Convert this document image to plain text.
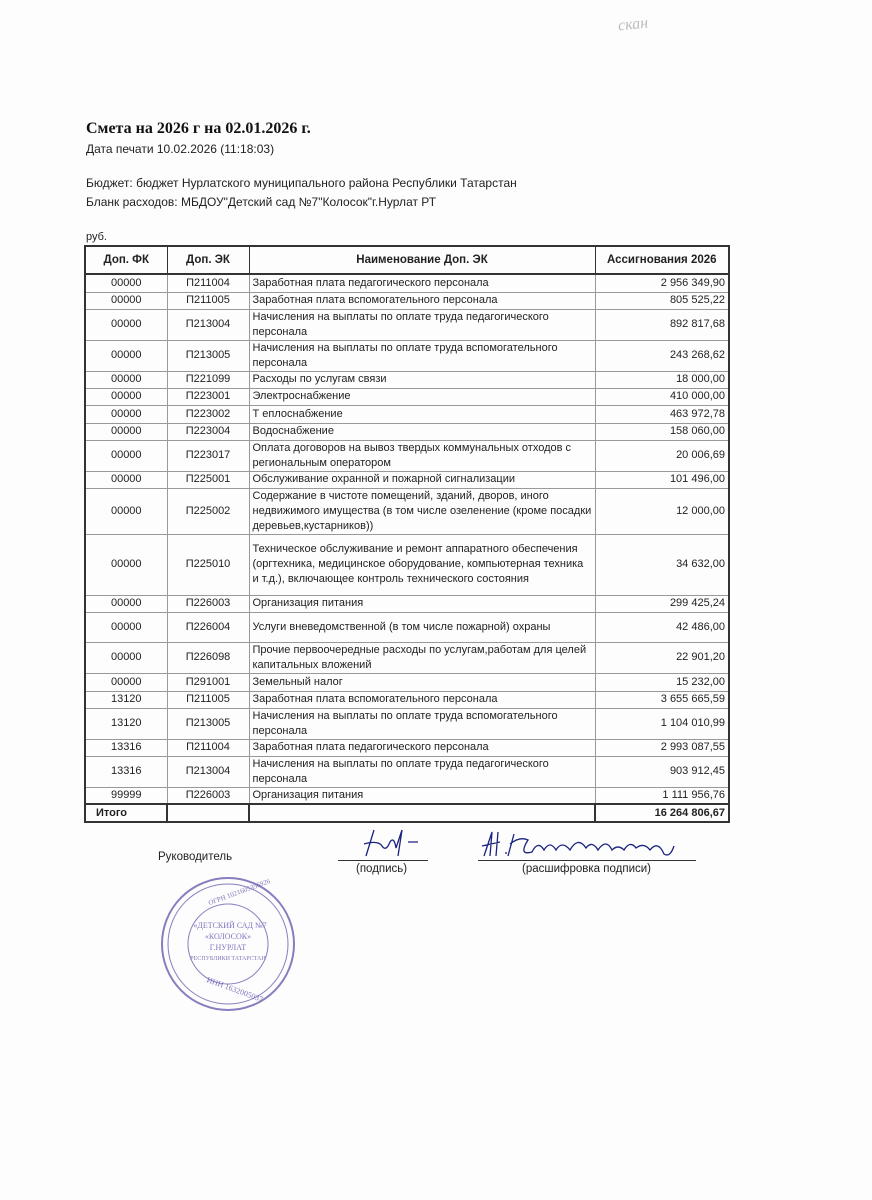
скан
Смета на 2026 г на 02.01.2026 г.
Дата печати 10.02.2026 (11:18:03)
Бюджет: бюджет Нурлатского муниципального района Республики Татарстан
Бланк расходов: МБДОУ"Детский сад №7"Колосок"г.Нурлат РТ
руб.
Доп. ФК	Доп. ЭК	Наименование Доп. ЭК	Ассигнования 2026
00000	П211004	Заработная плата педагогического персонала	2 956 349,90
00000	П211005	Заработная плата вспомогательного персонала	805 525,22
00000	П213004	Начисления на выплаты по оплате труда педагогического персонала	892 817,68
00000	П213005	Начисления на выплаты по оплате труда вспомогательного персонала	243 268,62
00000	П221099	Расходы по услугам связи	18 000,00
00000	П223001	Электроснабжение	410 000,00
00000	П223002	Т еплоснабжение	463 972,78
00000	П223004	Водоснабжение	158 060,00
00000	П223017	Оплата договоров на вывоз твердых коммунальных отходов с региональным оператором	20 006,69
00000	П225001	Обслуживание охранной и пожарной сигнализации	101 496,00
00000	П225002	Содержание в чистоте помещений, зданий, дворов, иного недвижимого имущества (в том числе озеленение (кроме посадки деревьев,кустарников))	12 000,00
00000	П225010	Техническое обслуживание и ремонт аппаратного обеспечения (оргтехника, медицинское оборудование, компьютерная техника и т.д.), включающее контроль технического состояния	34 632,00
00000	П226003	Организация питания	299 425,24
00000	П226004	Услуги вневедомственной (в том числе пожарной) охраны	42 486,00
00000	П226098	Прочие первоочередные расходы по услугам,работам для целей капитальных вложений	22 901,20
00000	П291001	Земельный налог	15 232,00
13120	П211005	Заработная плата вспомогательного персонала	3 655 665,59
13120	П213005	Начисления на выплаты по оплате труда вспомогательного персонала	1 104 010,99
13316	П211004	Заработная плата педагогического персонала	2 993 087,55
13316	П213004	Начисления на выплаты по оплате труда педагогического персонала	903 912,45
99999	П226003	Организация питания	1 111 956,76
Итого			16 264 806,67
«ДЕТСКИЙ САД №7
«КОЛОСОК»
Г.НУРЛАТ
РЕСПУБЛИКИ ТАТАРСТАН
ОГРН 1021605356926
ИНН 1632005037
Руководитель
(подпись)	(расшифровка подписи)
